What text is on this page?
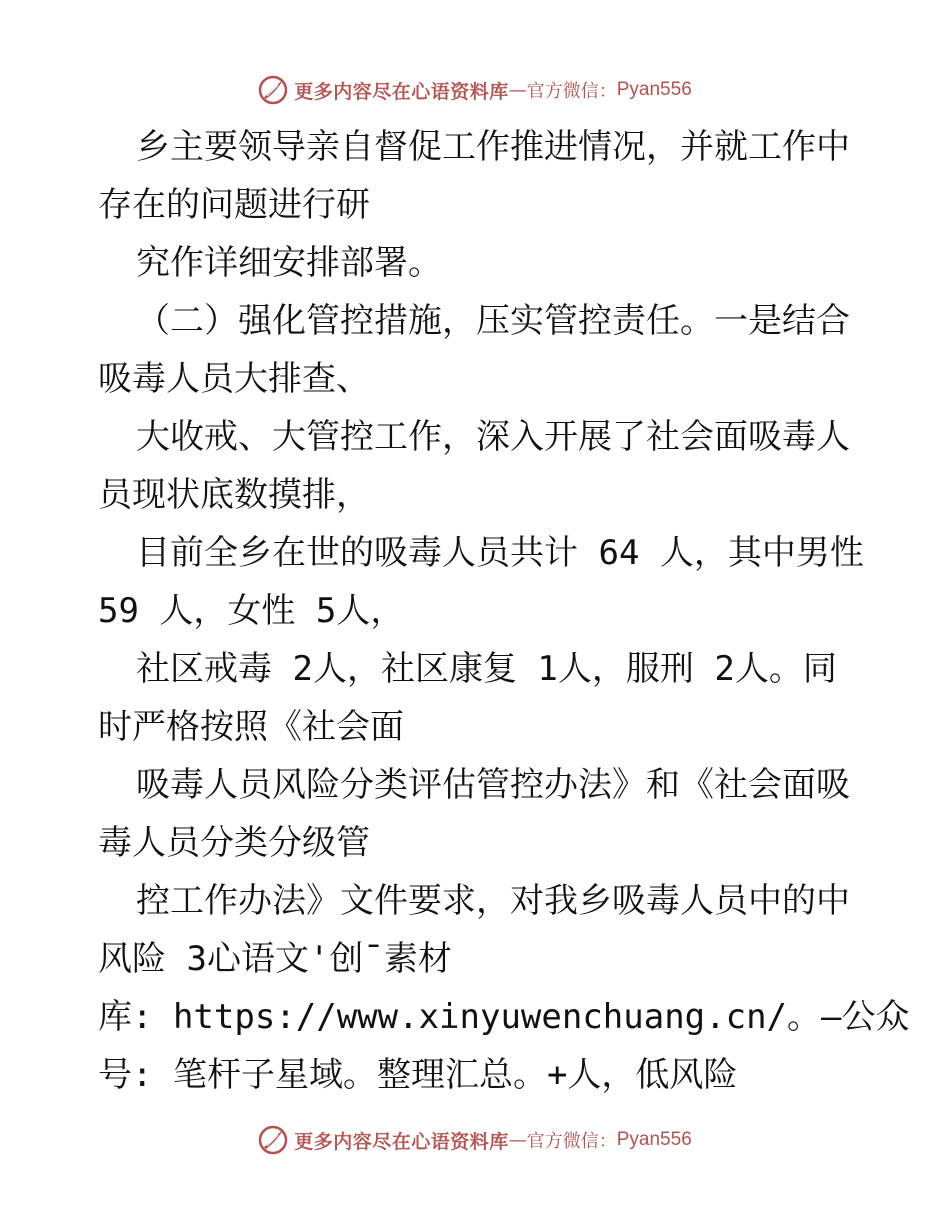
更多内容尽在心语资料库 — 官方微信： Pyan556
乡主要领导亲自督促工作推进情况，并就工作中
存在的问题进行研
究作详细安排部署。
（二）强化管控措施，压实管控责任。一是结合
吸毒人员大排查、
大收戒、大管控工作，深入开展了社会面吸毒人
员现状底数摸排，
目前全乡在世的吸毒人员共计 64 人，其中男性
59 人，女性 5人，
社区戒毒 2人，社区康复 1人，服刑 2人。同
时严格按照《社会面
吸毒人员风险分类评估管控办法》和《社会面吸
毒人员分类分级管
控工作办法》文件要求，对我乡吸毒人员中的中
风险 3心语文'创¯素材
库: https://www.xinyuwenchuang.cn/。—公众
号: 笔杆子星域。整理汇总。+人，低风险
更多内容尽在心语资料库 — 官方微信： Pyan556
